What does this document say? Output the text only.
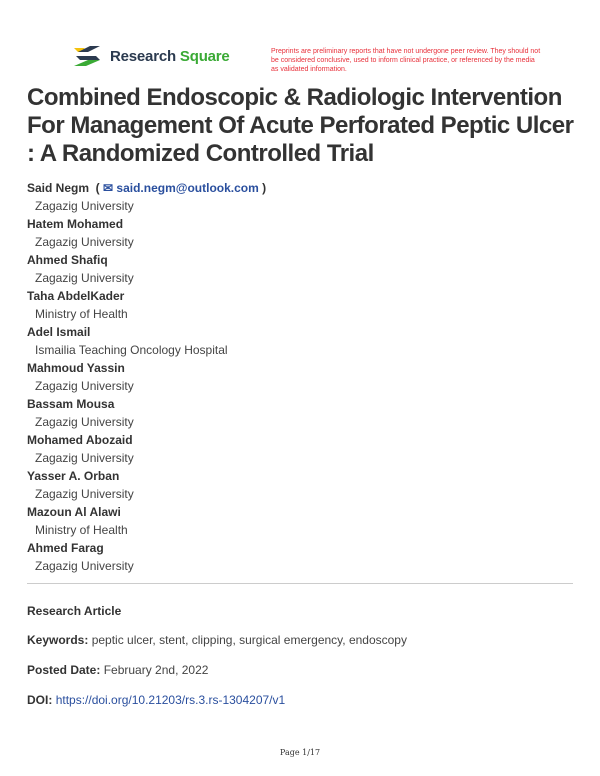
Research Square	Preprints are preliminary reports that have not undergone peer review. They should not be considered conclusive, used to inform clinical practice, or referenced by the media as validated information.
Combined Endoscopic & Radiologic Intervention For Management Of Acute Perforated Peptic Ulcer : A Randomized Controlled Trial
Said Negm  ( ✉ said.negm@outlook.com )
Zagazig University
Hatem Mohamed
Zagazig University
Ahmed Shafiq
Zagazig University
Taha AbdelKader
Ministry of Health
Adel Ismail
Ismailia Teaching Oncology Hospital
Mahmoud Yassin
Zagazig University
Bassam Mousa
Zagazig University
Mohamed Abozaid
Zagazig University
Yasser A. Orban
Zagazig University
Mazoun Al Alawi
Ministry of Health
Ahmed Farag
Zagazig University
Research Article
Keywords: peptic ulcer, stent, clipping, surgical emergency, endoscopy
Posted Date: February 2nd, 2022
DOI: https://doi.org/10.21203/rs.3.rs-1304207/v1
Page 1/17
